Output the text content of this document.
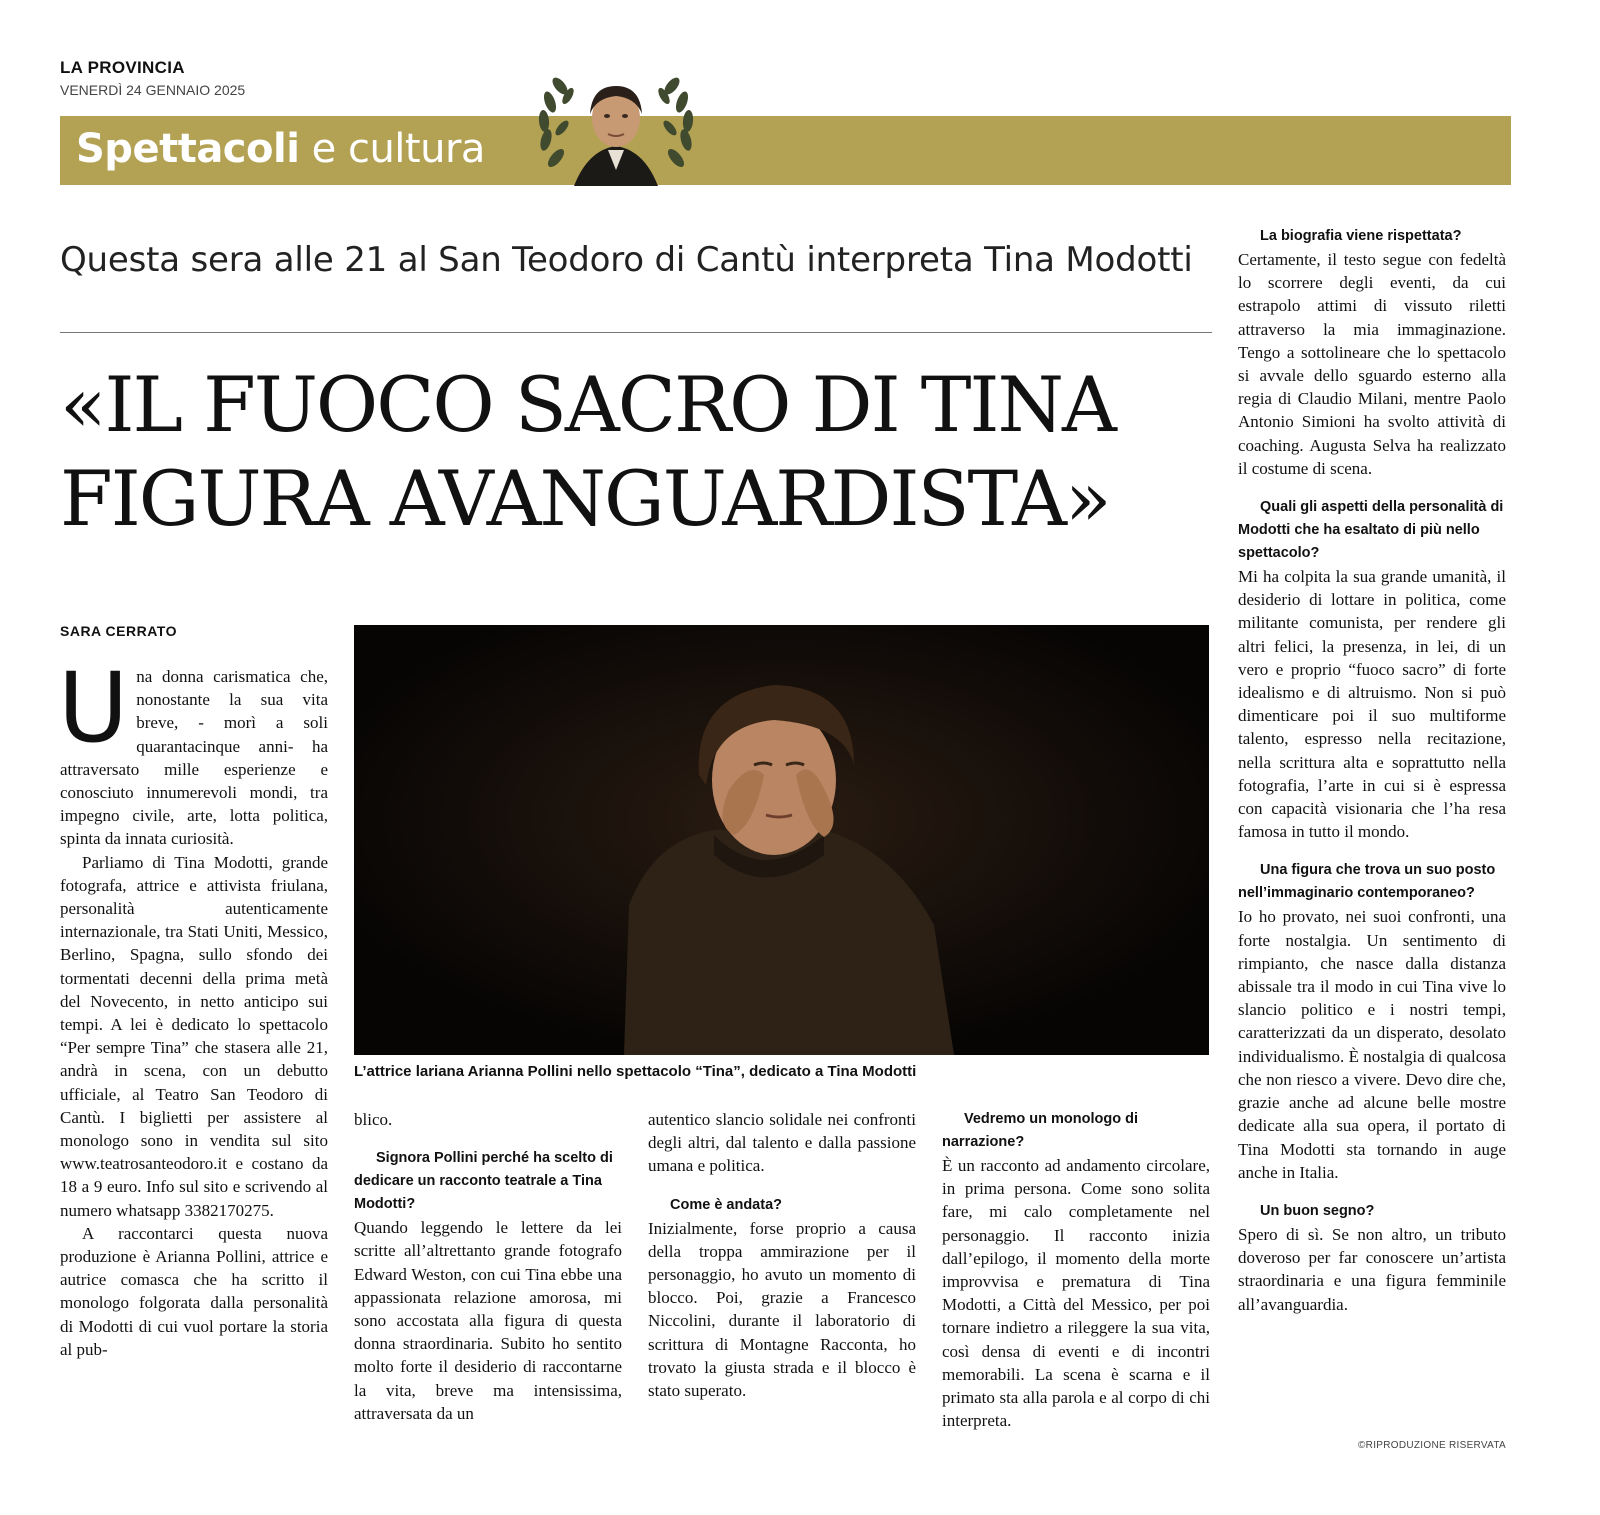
LA PROVINCIA
VENERDÌ 24 GENNAIO 2025
Spettacoli e cultura
Questa sera alle 21 al San Teodoro di Cantù interpreta Tina Modotti
«IL FUOCO SACRO DI TINA
FIGURA AVANGUARDISTA»
SARA CERRATO
L’attrice lariana Arianna Pollini nello spettacolo “Tina”, dedicato a Tina Modotti

Una donna carismatica che, nonostante la sua vita breve, - morì a soli quarantacinque anni- ha attraversato mille esperienze e conosciuto innumerevoli mondi, tra impegno civile, arte, lotta politica, spinta da innata curiosità.

Parliamo di Tina Modotti, grande fotografa, attrice e attivista friulana, personalità autenticamente internazionale, tra Stati Uniti, Messico, Berlino, Spagna, sullo sfondo dei tormentati decenni della prima metà del Novecento, in netto anticipo sui tempi. A lei è dedicato lo spettacolo “Per sempre Tina” che stasera alle 21, andrà in scena, con un debutto ufficiale, al Teatro San Teodoro di Cantù. I biglietti per assistere al monologo sono in vendita sul sito www.teatrosanteodoro.it e costano da 18 a 9 euro. Info sul sito e scrivendo al numero whatsapp 3382170275.

A raccontarci questa nuova produzione è Arianna Pollini, attrice e autrice comasca che ha scritto il monologo folgorata dalla personalità di Modotti di cui vuol portare la storia al pub-

blico.

Signora Pollini perché ha scelto di dedicare un racconto teatrale a Tina Modotti?

Quando leggendo le lettere da lei scritte all’altrettanto grande fotografo Edward Weston, con cui Tina ebbe una appassionata relazione amorosa, mi sono accostata alla figura di questa donna straordinaria. Subito ho sentito molto forte il desiderio di raccontarne la vita, breve ma intensissima, attraversata da un

autentico slancio solidale nei confronti degli altri, dal talento e dalla passione umana e politica.

Come è andata?

Inizialmente, forse proprio a causa della troppa ammirazione per il personaggio, ho avuto un momento di blocco. Poi, grazie a Francesco Niccolini, durante il laboratorio di scrittura di Montagne Racconta, ho trovato la giusta strada e il blocco è stato superato.

Vedremo un monologo di narrazione?

È un racconto ad andamento circolare, in prima persona. Come sono solita fare, mi calo completamente nel personaggio. Il racconto inizia dall’epilogo, il momento della morte improvvisa e prematura di Tina Modotti, a Città del Messico, per poi tornare indietro a rileggere la sua vita, così densa di eventi e di incontri memorabili. La scena è scarna e il primato sta alla parola e al corpo di chi interpreta.

La biografia viene rispettata?

Certamente, il testo segue con fedeltà lo scorrere degli eventi, da cui estrapolo attimi di vissuto riletti attraverso la mia immaginazione. Tengo a sottolineare che lo spettacolo si avvale dello sguardo esterno alla regia di Claudio Milani, mentre Paolo Antonio Simioni ha svolto attività di coaching. Augusta Selva ha realizzato il costume di scena.

Quali gli aspetti della personalità di Modotti che ha esaltato di più nello spettacolo?

Mi ha colpita la sua grande umanità, il desiderio di lottare in politica, come militante comunista, per rendere gli altri felici, la presenza, in lei, di un vero e proprio “fuoco sacro” di forte idealismo e di altruismo. Non si può dimenticare poi il suo multiforme talento, espresso nella recitazione, nella scrittura alta e soprattutto nella fotografia, l’arte in cui si è espressa con capacità visionaria che l’ha resa famosa in tutto il mondo.

Una figura che trova un suo posto nell’immaginario contemporaneo?

Io ho provato, nei suoi confronti, una forte nostalgia. Un sentimento di rimpianto, che nasce dalla distanza abissale tra il modo in cui Tina vive lo slancio politico e i nostri tempi, caratterizzati da un disperato, desolato individualismo. È nostalgia di qualcosa che non riesco a vivere. Devo dire che, grazie anche ad alcune belle mostre dedicate alla sua opera, il portato di Tina Modotti sta tornando in auge anche in Italia.

Un buon segno?

Spero di sì. Se non altro, un tributo doveroso per far conoscere un’artista straordinaria e una figura femminile all’avanguardia.

©RIPRODUZIONE RISERVATA
